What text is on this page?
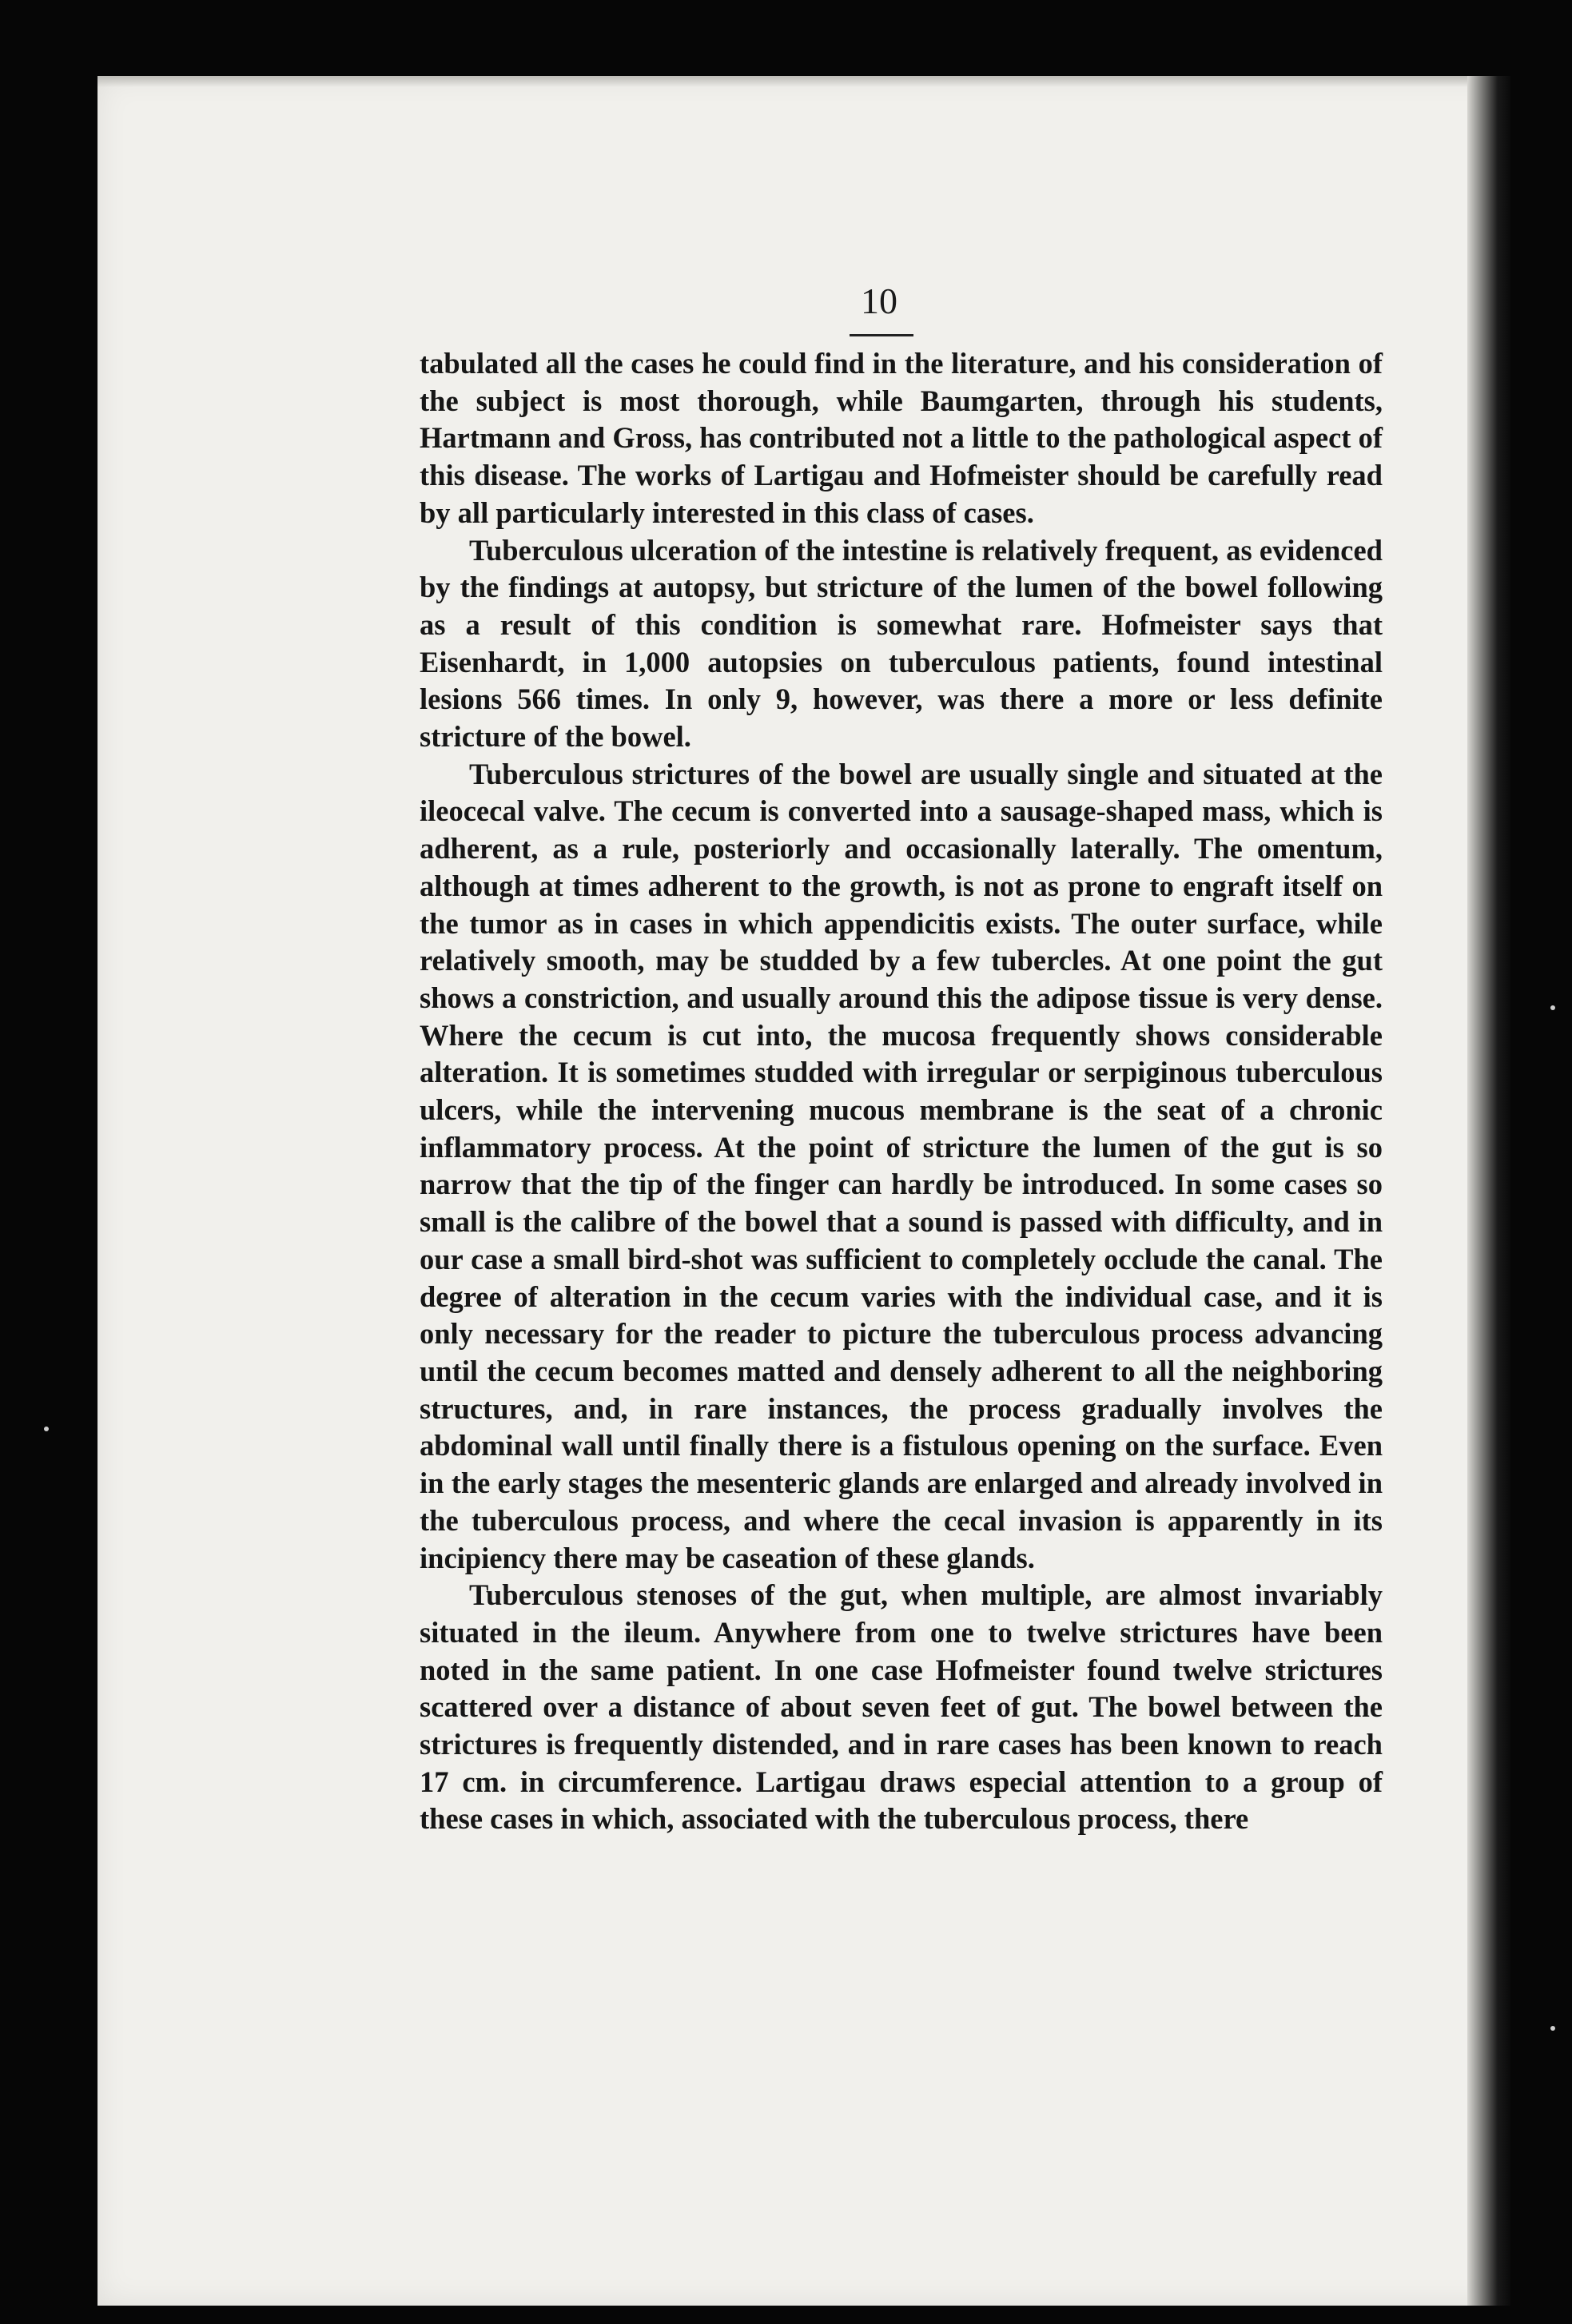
10

tabulated all the cases he could find in the literature, and his consideration of the subject is most thorough, while Baumgarten, through his students, Hartmann and Gross, has contributed not a little to the pathological aspect of this disease. The works of Lartigau and Hofmeister should be carefully read by all particularly interested in this class of cases.

Tuberculous ulceration of the intestine is relatively frequent, as evidenced by the findings at autopsy, but stricture of the lumen of the bowel following as a result of this condition is somewhat rare. Hofmeister says that Eisenhardt, in 1,000 autopsies on tuberculous patients, found intestinal lesions 566 times. In only 9, however, was there a more or less definite stricture of the bowel.

Tuberculous strictures of the bowel are usually single and situated at the ileocecal valve. The cecum is converted into a sausage-shaped mass, which is adherent, as a rule, posteriorly and occasionally laterally. The omentum, although at times adherent to the growth, is not as prone to engraft itself on the tumor as in cases in which appendicitis exists. The outer surface, while relatively smooth, may be studded by a few tubercles. At one point the gut shows a constriction, and usually around this the adipose tissue is very dense. Where the cecum is cut into, the mucosa frequently shows considerable alteration. It is sometimes studded with irregular or serpiginous tuberculous ulcers, while the intervening mucous membrane is the seat of a chronic inflammatory process. At the point of stricture the lumen of the gut is so narrow that the tip of the finger can hardly be introduced. In some cases so small is the calibre of the bowel that a sound is passed with difficulty, and in our case a small bird-shot was sufficient to completely occlude the canal. The degree of alteration in the cecum varies with the individual case, and it is only necessary for the reader to picture the tuberculous process advancing until the cecum becomes matted and densely adherent to all the neighboring structures, and, in rare instances, the process gradually involves the abdominal wall until finally there is a fistulous opening on the surface. Even in the early stages the mesenteric glands are enlarged and already involved in the tuberculous process, and where the cecal invasion is apparently in its incipiency there may be caseation of these glands.

Tuberculous stenoses of the gut, when multiple, are almost invariably situated in the ileum. Anywhere from one to twelve strictures have been noted in the same patient. In one case Hofmeister found twelve strictures scattered over a distance of about seven feet of gut. The bowel between the strictures is frequently distended, and in rare cases has been known to reach 17 cm. in circumference. Lartigau draws especial attention to a group of these cases in which, associated with the tuberculous process, there
